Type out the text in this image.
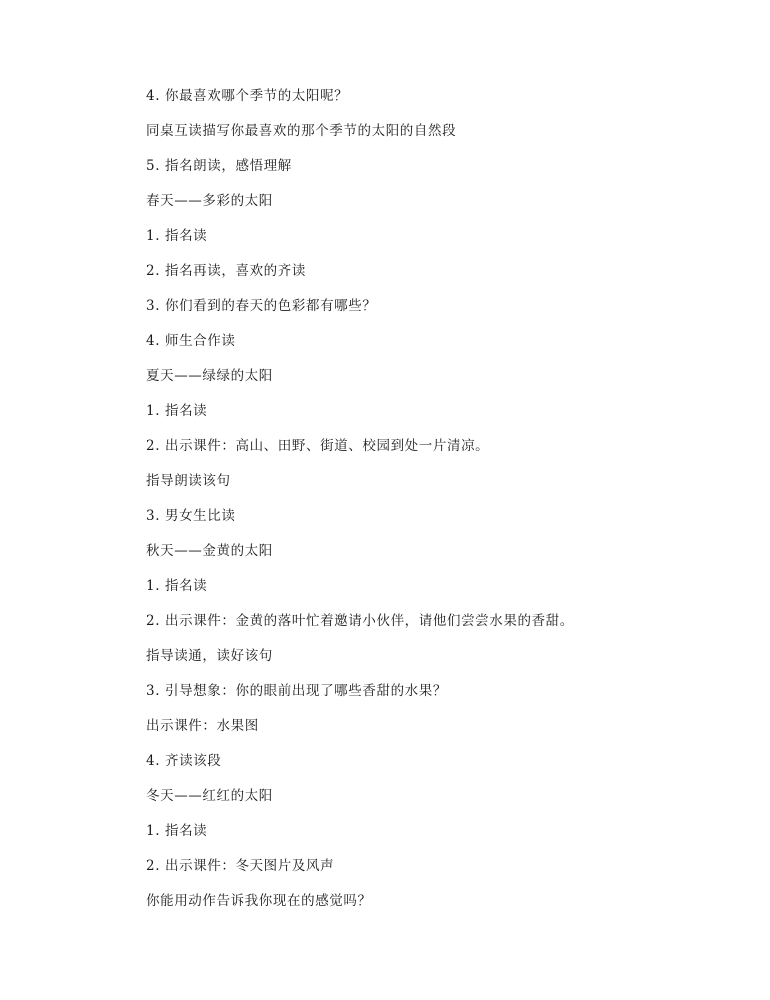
4. 你最喜欢哪个季节的太阳呢？

同桌互读描写你最喜欢的那个季节的太阳的自然段

5. 指名朗读，感悟理解

春天——多彩的太阳

1. 指名读

2. 指名再读，喜欢的齐读

3. 你们看到的春天的色彩都有哪些？

4. 师生合作读

夏天——绿绿的太阳

1. 指名读

2. 出示课件：高山、田野、街道、校园到处一片清凉。

指导朗读该句

3. 男女生比读

秋天——金黄的太阳

1. 指名读

2. 出示课件：金黄的落叶忙着邀请小伙伴，请他们尝尝水果的香甜。

指导读通，读好该句

3. 引导想象：你的眼前出现了哪些香甜的水果？

出示课件：水果图

4. 齐读该段

冬天——红红的太阳

1. 指名读

2. 出示课件：冬天图片及风声

你能用动作告诉我你现在的感觉吗？
